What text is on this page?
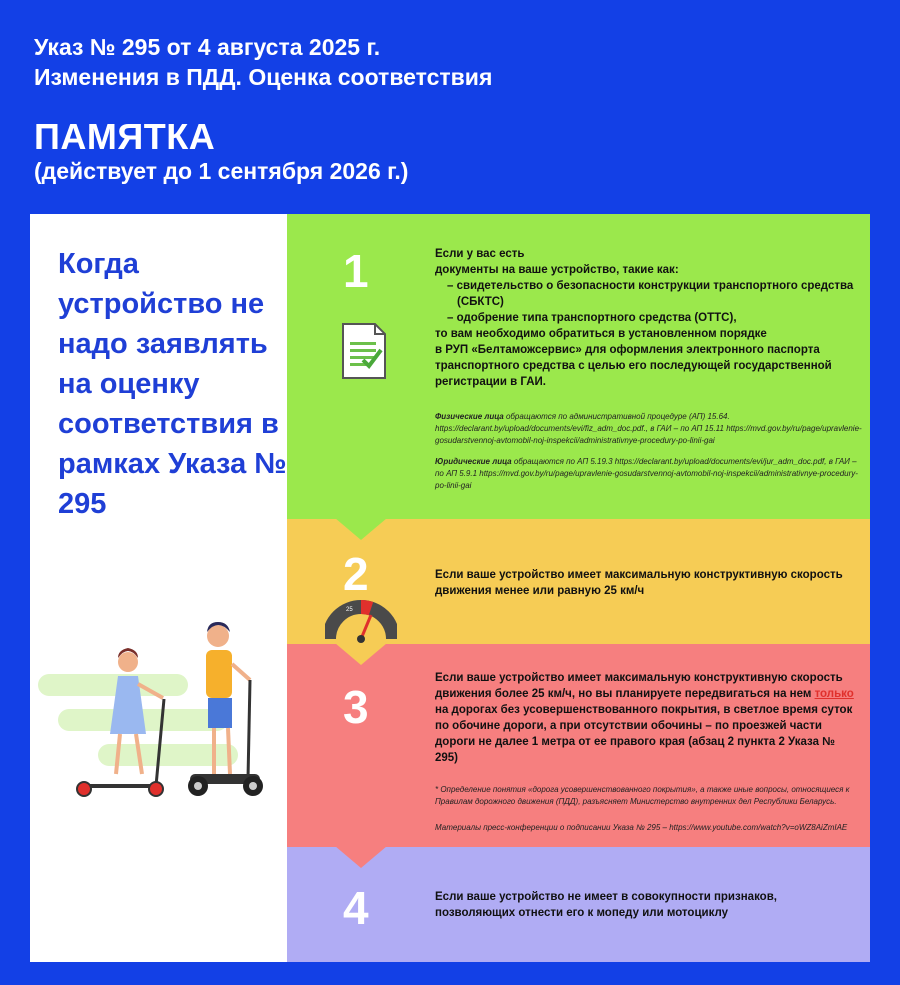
Указ № 295 от 4 августа 2025 г.
Изменения в ПДД. Оценка соответствия
ПАМЯТКА
(действует до 1 сентября 2026 г.)
Когда устройство не надо заявлять на оценку соответствия в рамках Указа № 295
1	Если у вас есть
документы на ваше устройство, такие как:
– свидетельство о безопасности конструкции транспортного средства
(СБКТС)
– одобрение типа транспортного средства (ОТТС),
то вам необходимо обратиться в установленном порядке
в РУП «Белтаможсервис» для оформления электронного паспорта транспортного средства с целью его последующей государственной регистрации в ГАИ.
Физические лица обращаются по административной процедуре (АП) 15.64. https://declarant.by/upload/documents/evi/fiz_adm_doc.pdf., в ГАИ – по АП 15.11 https://mvd.gov.by/ru/page/upravlenie-gosudarstvennoj-avtomobil-noj-inspekcii/administrativnye-procedury-po-linii-gai
Юридические лица обращаются по АП 5.19.3 https://declarant.by/upload/documents/evi/jur_adm_doc.pdf, в ГАИ – по АП 5.9.1 https://mvd.gov.by/ru/page/upravlenie-gosudarstvennoj-avtomobil-noj-inspekcii/administrativnye-procedury-po-linii-gai
2
25
Если ваше устройство имеет максимальную конструктивную скорость движения менее или равную 25 км/ч
3
Если ваше устройство имеет максимальную конструктивную скорость движения более 25 км/ч, но вы планируете передвигаться на нем только на дорогах без усовершенствованного покрытия, в светлое время суток по обочине дороги, а при отсутствии обочины – по проезжей части дороги не далее 1 метра от ее правого края (абзац 2 пункта 2 Указа № 295)
* Определение понятия «дорога усовершенствованного покрытия», а также иные вопросы, относящиеся к Правилам дорожного движения (ПДД), разъясняет Министерство внутренних дел Республики Беларусь.
Материалы пресс-конференции о подписании Указа № 295 – https://www.youtube.com/watch?v=oWZ8AiZmIAE
4	Если ваше устройство не имеет в совокупности признаков, позволяющих отнести его к мопеду или мотоциклу
